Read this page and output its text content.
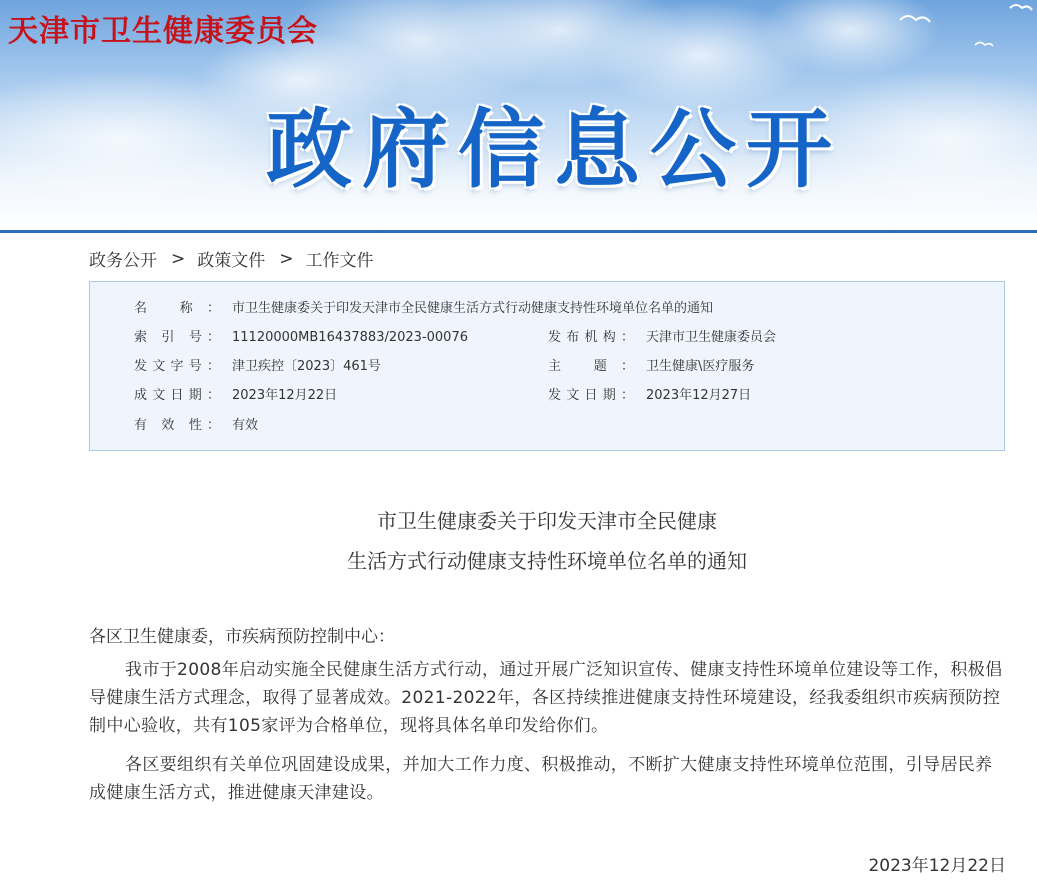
天津市卫生健康委员会
政府信息公开
政务公开 > 政策文件 > 工作文件
名 称： 市卫生健康委关于印发天津市全民健康生活方式行动健康支持性环境单位名单的通知
索 引 号： 11120000MB16437883/2023-00076	发布机构： 天津市卫生健康委员会
发文字号： 津卫疾控〔2023〕461号	主 题： 卫生健康\医疗服务
成文日期： 2023年12月22日	发文日期： 2023年12月27日
有 效 性： 有效
市卫生健康委关于印发天津市全民健康
生活方式行动健康支持性环境单位名单的通知
各区卫生健康委，市疾病预防控制中心：
我市于2008年启动实施全民健康生活方式行动，通过开展广泛知识宣传、健康支持性环境单位建设等工作，积极倡导健康生活方式理念，取得了显著成效。2021-2022年，各区持续推进健康支持性环境建设，经我委组织市疾病预防控制中心验收，共有105家评为合格单位，现将具体名单印发给你们。
各区要组织有关单位巩固建设成果，并加大工作力度、积极推动，不断扩大健康支持性环境单位范围，引导居民养成健康生活方式，推进健康天津建设。
2023年12月22日
